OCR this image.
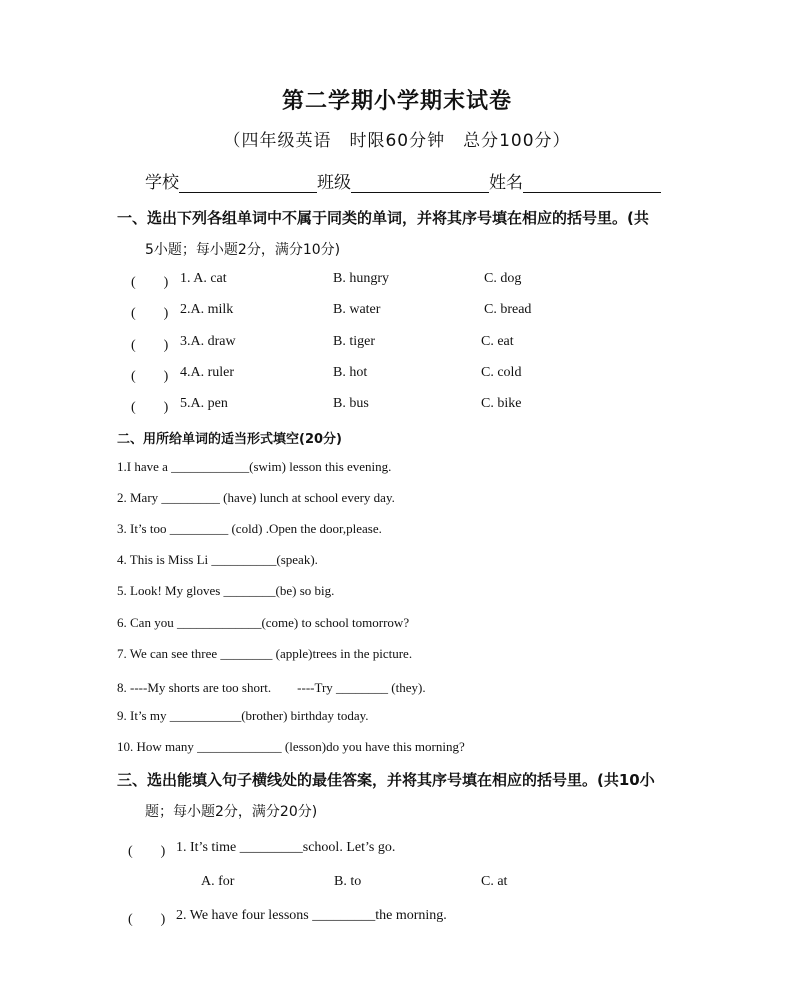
第二学期小学期末试卷
（四年级英语　时限60分钟　总分100分）
学校	班级	姓名
一、选出下列各组单词中不属于同类的单词，并将其序号填在相应的括号里。(共
5小题；每小题2分，满分10分)
(　　) 1. A. cat	B. hungry	C. dog
(　　) 2.A. milk	B. water	C. bread
(　　) 3.A. draw	B. tiger	C. eat
(　　) 4.A. ruler	B. hot	C. cold
(　　) 5.A. pen	B. bus	C. bike
二、用所给单词的适当形式填空(20分)
1.I have a ____________(swim) lesson this evening.
2. Mary _________ (have) lunch at school every day.
3. It’s too _________ (cold) .Open the door,please.
4. This is Miss Li __________(speak).
5. Look! My gloves ________(be) so big.
6. Can you _____________(come) to school tomorrow?
7. We can see three ________ (apple)trees in the picture.
8. ----My shorts are too short.　　----Try ________ (they).
9. It’s my ___________(brother) birthday today.
10. How many _____________ (lesson)do you have this morning?
三、选出能填入句子横线处的最佳答案，并将其序号填在相应的括号里。(共10小
题；每小题2分，满分20分)
(　　) 1. It’s time _________school. Let’s go.
A. for	B. to	C. at
(　　) 2. We have four lessons _________the morning.
